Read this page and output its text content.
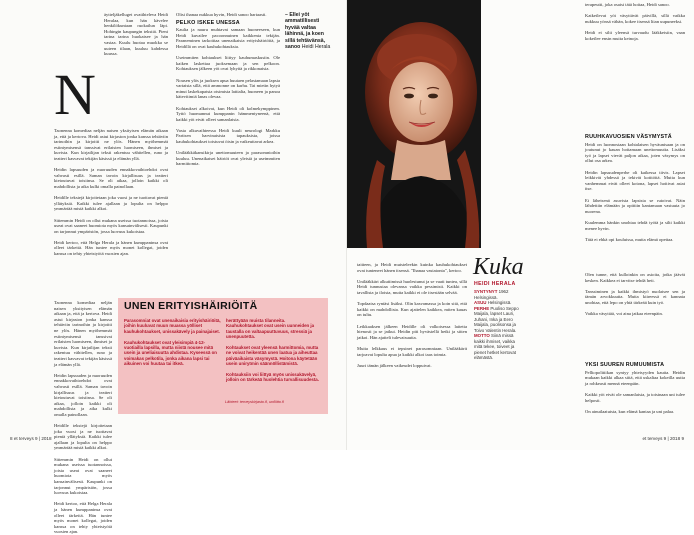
N

äytteljäkelluget ovatihteleva Heidi Heralaa, kun hän kävelee henkilökuntaan ruokailun läpi. Hohingin kaupungin tekstiä. Pieni tarina tarina huokaisee ja hän vastaa. Kuulu huotaa muokka se uuteen tilaan, kuuluu kahdessa kuussa.

Taonenna komediaa neljän naisen yksityisen elämän aikaan ja, että ja kertova. Heidi astui kirjaston jonka kanssa tehtäviin tarinoihin ja kirjoitti ne ylös. Hänen myöhemmät esiintymisensä tanssivat erilaisten luomiseen, ihmiset ja kuvista. Kun kirjailijan teksti rakentuu vähitellen, runo ja teatteri kasvavat tekijän käsissä ja elämän yllä.

Heidin lapsuuden ja nuoruuden ennakkovaihtoehdot ovat vahvasti esillä. Saman tavoin kirjallisuus ja teatteri kietoutuvat toisiinsa. Se oli aikaa, jolloin kaikki oli mahdollista ja aika kulki omalla painollaan.

Heidille tekstejä kirjoitetaan joka vuosi ja ne tuottavat pieniä yllätyksiä. Kaikki tulee ajallaan ja lopulta on helppo ymmärtää mistä kaikki alkoi.

Sittemmin Heidi on ollut mukana useissa tuotannoissa, joista useat ovat saaneet huomiota myös kansainvälisesti. Kaupunki on tarjonnut ympäristön, jossa luovuus kukoistaa.

Heidi kertoo, että Helga Herala ja hänen kumppaninsa ovat olleet tärkeitä. Hän tuntee myös monet kollegat, joiden kanssa on tehty yhteistyötä vuosien ajan.

Taonenna komediaa neljän naisen yksityisen elämän aikaan ja, että ja kertova. Heidi astui kirjaston jonka kanssa tehtäviin tarinoihin ja kirjoitti ne ylös. Hänen myöhemmät esiintymisensä tanssivat erilaisten luomiseen, ihmiset ja kuvista. Kun kirjailijan teksti rakentuu vähitellen, runo ja teatteri kasvavat tekijän käsissä ja elämän yllä.

Heidin lapsuuden ja nuoruuden ennakkovaihtoehdot ovat vahvasti esillä. Saman tavoin kirjallisuus ja teatteri kietoutuvat toisiinsa. Se oli aikaa, jolloin kaikki oli mahdollista ja aika kulki omalla painollaan.

Heidille tekstejä kirjoitetaan joka vuosi ja ne tuottavat pieniä yllätyksiä. Kaikki tulee ajallaan ja lopulta on helppo ymmärtää mistä kaikki alkoi.

Sittemmin Heidi on ollut mukana useissa tuotannoissa, joista useat ovat saaneet huomiota myös kansainvälisesti. Kaupunki on tarjonnut ympäristön, jossa luovuus kukoistaa.

Heidi kertoo, että Helga Herala ja hänen kumppaninsa ovat olleet tärkeitä. Hän tuntee myös monet kollegat, joiden kanssa on tehty yhteistyötä vuosien ajan.

Olisi ihanaa nukkua hyvin, Heidi sanoo hartaasti.

PELKO ISKEE UNESSA

Kaulta ja nauru muhtavat samaan huoneeseen, kun Heidi kuvailee pacoonnuinen kaikkenia tekijän. Paraneminen tarkoittaa unenaikaisia erityishäiriöitä, ja Heidillä on ovat kauhukohtauksia.

Useimmiten kohtaukset liittyy kauhumaskusiin. Ole kaiken laskettaa juoksemaan ja sen pelkoon. Kohtauksen jälkeen yöt ovat lyhyitä ja rikkonaisia.

Nousen ylös ja juoksen apua huutaen pelastamaan lapsia vartaista sillä, että ammonne on karhu. Tai mietin hytyä minut laskekapatsia otsimista lattialta, huoneen ja panoa kätevitimiä lanas olevaa.

Kohtaukset alkoivat, kun Heidi oli kolmekymppinen. Tyttö huomannut kumppanin hämmentyneenä, että kaikki yöt eivät olleet samanlaisia.

Vasta alkuvaihteessa Heidi kuuli neurologi Markku Partisen harvinaisista tapauksista, joissa kauhukohtaukset toistuvat öisin ja vaikeuttavat arkea.

Unilääkkäkansikirja unettomuuteen ja parasomnioihin kuuluu. Unenaikaiset häiriöt ovat yleisiä ja useimmiten harmittomia.

– Ellei yöt ammatillisesti hyvää valtaa lähinnä, ja koen sillä tehtävänsä, sanoo Heidi Herala
UNEN ERITYISHÄIRIÖITÄ
Parasomniat ovat unenaikaisia erityishäiriöitä, joihin kuuluvat muun muassa yölliset kauhukohtaukset, unissakävely ja painajaiset.

Kauhukohtaukset ovat yleisimpiä 4-12-vuotiailla lapsilla, mutta niistä nousee mitä usein ja uneliaisuutta ahdistaa. Kyseessä on voimakas pelkotila, jonka aikana lapsi tai aikuinen voi huutaa tai itkeä.
herättyään muista tilanneita. Kauhukohtaukset ovat usein uunneiden ja taustalla on valtaapuuttuvuus, stressiä ja unenpuutetta.

Kohtaukset ovat yleensä harmittomia, mutta ne voivat heikentää unen laatua ja aiheuttaa päiväaikaista väsymystä. Hoitona käytetään usein unirytmin säännöllistämistä.

Kohtauksiin voi liittyä myös unissakävelyä, jolloin on tärkeää huolehtia turvallisuudesta.
Lähteet: terveyskirjasto.fi, uniliitto.fi
8 et terveys 9 | 2018

terapeutti, joka osaisi tätä hoitaa, Heidi sanoo.

Katkeilevat yöt väsyttävät päivillä, sillä vaikka nukkuu yönsä vähän, kokee itsensä liian uupuneeksi.

Heidi ei silti yleensä turvaudu lääkkeisiin, vaan kokeilee ensin muita keinoja.

RUUHKAVUOSIEN VÄSYMYSTÄ

Heidi on luonnostaan kohtalaisen hyväunisaan ja on joutunut jo kauan hoitamaan unettomuutta. Lisäksi työ ja lapset vievät paljon aikaa, joten väsymys on ollut osa arkea.

Heidin lapsuudenperhe oli kaikessa tiivis. Lapset leikkivät yhdessä ja tekivät kotitöitä. Mutta kun vanhemmat eivät olleet kotona, lapset hoitivat asiat itse.

Ei läheisenä asuvista lapsista se rutoivat. Näin lähdettiin elämään ja opittiin kantamaan vastuuta jo nuorena.

Kuulemma hänkin unohtaa tehdä työtä ja silti kaikki menee hyvin.

Tätä ei ehkä opi kouluissa, mutta elämä opettaa.

Olen tunne, että kulloinkin on asioita, jotka jäävät kesken. Kaikkea ei tarvitse tehdä heti.

Tanssiminen ja kaikki ihmistyö nuolaisee sen ja tämän arvokkuutta. Mutta kiireessä ei kannata unohtaa, että lepo on yhtä tärkeää kuin työ.

Vaikka väsyttää, voi aina jatkaa eteenpäin.

YKSI SUUREN RUMUUMISTA

Pelliopolitiikan syntyy yhteisyyden kautta. Heidin mukaan kaikki alkaa siitä, että uskaltaa kokeilla uutta ja rohkeasti mennä eteenpäin.

Kaikki yöt eivät ole samanlaisia, ja toisinaan uni tulee helposti.

On ainutlaatuista, kun elämä kantaa ja uni palaa.

Kuka
HEIDI HERALA
SYNTYNYT 1962 Helsingissä.
ASUU Helsingissä.
PERHE Puoliso Seppo Maijala, lapset Lauri, Juhani, Inka ja Eero Maijala, puolisonsa ja Toivo Valentin Herala.
MOTTO Siinä missä kaikki ihmiset, vaikka mitä tekee, toiveet ja pienet hetket kertovat elämästä.

taitteen, ja Heidi muisteleekin kuinka kauhukohtaukset ovat tunteneet hänen itsensä. "Ihanaa vastatonta", kertoo.

Unilääkkäri alkutiimissä huolestunut ja se vaati tuntea, sillä Heidi tunnustaa olevansa vaikka pessimisti. Kaikki on tavallista ja iloista, mutta kaikki ei ole itsestään selvää.

Topdaatsa ryntäsi lisäksi. Olin kasvamassa ja koin sitä, että kaikki on mahdollista. Kun ajattelen kaikkea, miten kauas on tultu.

Leikkaaksen jälkeen Heidille oli valkoisessa laitetta hienosti ja se jatkui. Heidin piti hyvästellä hetki ja sitten jatkoi. Hän ajatteli tulevaisuutta.

Muita lelkkaus ei tepsinet parasomniaan. Unilääkärit tarjoavat lopulta apua ja kaikki alkoi taas toimia.

Juuri tämän jälkeen vaikeudet loppuivat.

et terveys 9 | 2018 9
